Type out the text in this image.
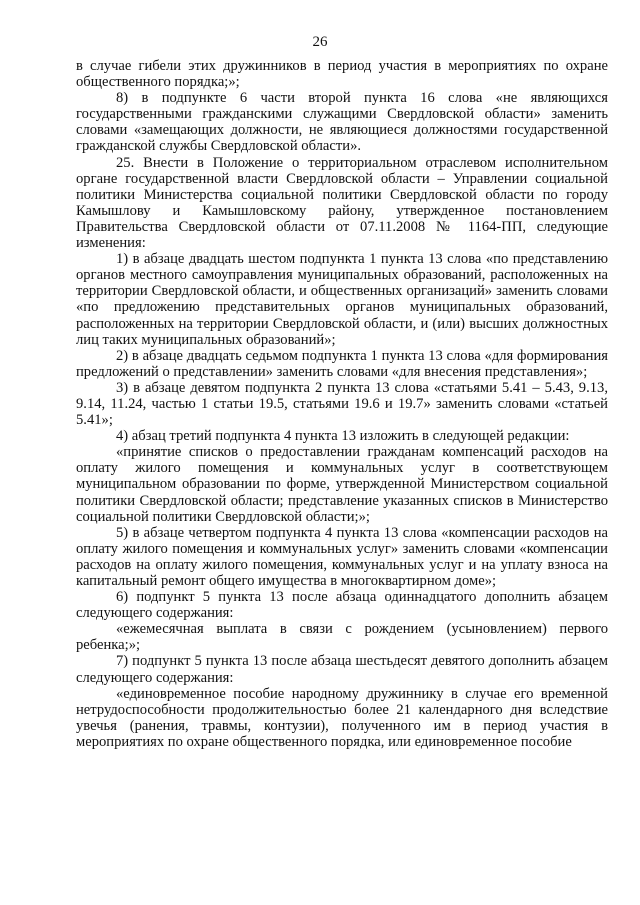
26

в случае гибели этих дружинников в период участия в мероприятиях по охране общественного порядка;»;

8) в подпункте 6 части второй пункта 16 слова «не являющихся государственными гражданскими служащими Свердловской области» заменить словами «замещающих должности, не являющиеся должностями государственной гражданской службы Свердловской области».

25. Внести в Положение о территориальном отраслевом исполнительном органе государственной власти Свердловской области – Управлении социальной политики Министерства социальной политики Свердловской области по городу Камышлову и Камышловскому району, утвержденное постановлением Правительства Свердловской области от 07.11.2008 № 1164-ПП, следующие изменения:

1) в абзаце двадцать шестом подпункта 1 пункта 13 слова «по представлению органов местного самоуправления муниципальных образований, расположенных на территории Свердловской области, и общественных организаций» заменить словами «по предложению представительных органов муниципальных образований, расположенных на территории Свердловской области, и (или) высших должностных лиц таких муниципальных образований»;

2) в абзаце двадцать седьмом подпункта 1 пункта 13 слова «для формирования предложений о представлении» заменить словами «для внесения представления»;

3) в абзаце девятом подпункта 2 пункта 13 слова «статьями 5.41 – 5.43, 9.13, 9.14, 11.24, частью 1 статьи 19.5, статьями 19.6 и 19.7» заменить словами «статьей 5.41»;

4) абзац третий подпункта 4 пункта 13 изложить в следующей редакции:

«принятие списков о предоставлении гражданам компенсаций расходов на оплату жилого помещения и коммунальных услуг в соответствующем муниципальном образовании по форме, утвержденной Министерством социальной политики Свердловской области; представление указанных списков в Министерство социальной политики Свердловской области;»;

5) в абзаце четвертом подпункта 4 пункта 13 слова «компенсации расходов на оплату жилого помещения и коммунальных услуг» заменить словами «компенсации расходов на оплату жилого помещения, коммунальных услуг и на уплату взноса на капитальный ремонт общего имущества в многоквартирном доме»;

6) подпункт 5 пункта 13 после абзаца одиннадцатого дополнить абзацем следующего содержания:

«ежемесячная выплата в связи с рождением (усыновлением) первого ребенка;»;

7) подпункт 5 пункта 13 после абзаца шестьдесят девятого дополнить абзацем следующего содержания:

«единовременное пособие народному дружиннику в случае его временной нетрудоспособности продолжительностью более 21 календарного дня вследствие увечья (ранения, травмы, контузии), полученного им в период участия в мероприятиях по охране общественного порядка, или единовременное пособие
